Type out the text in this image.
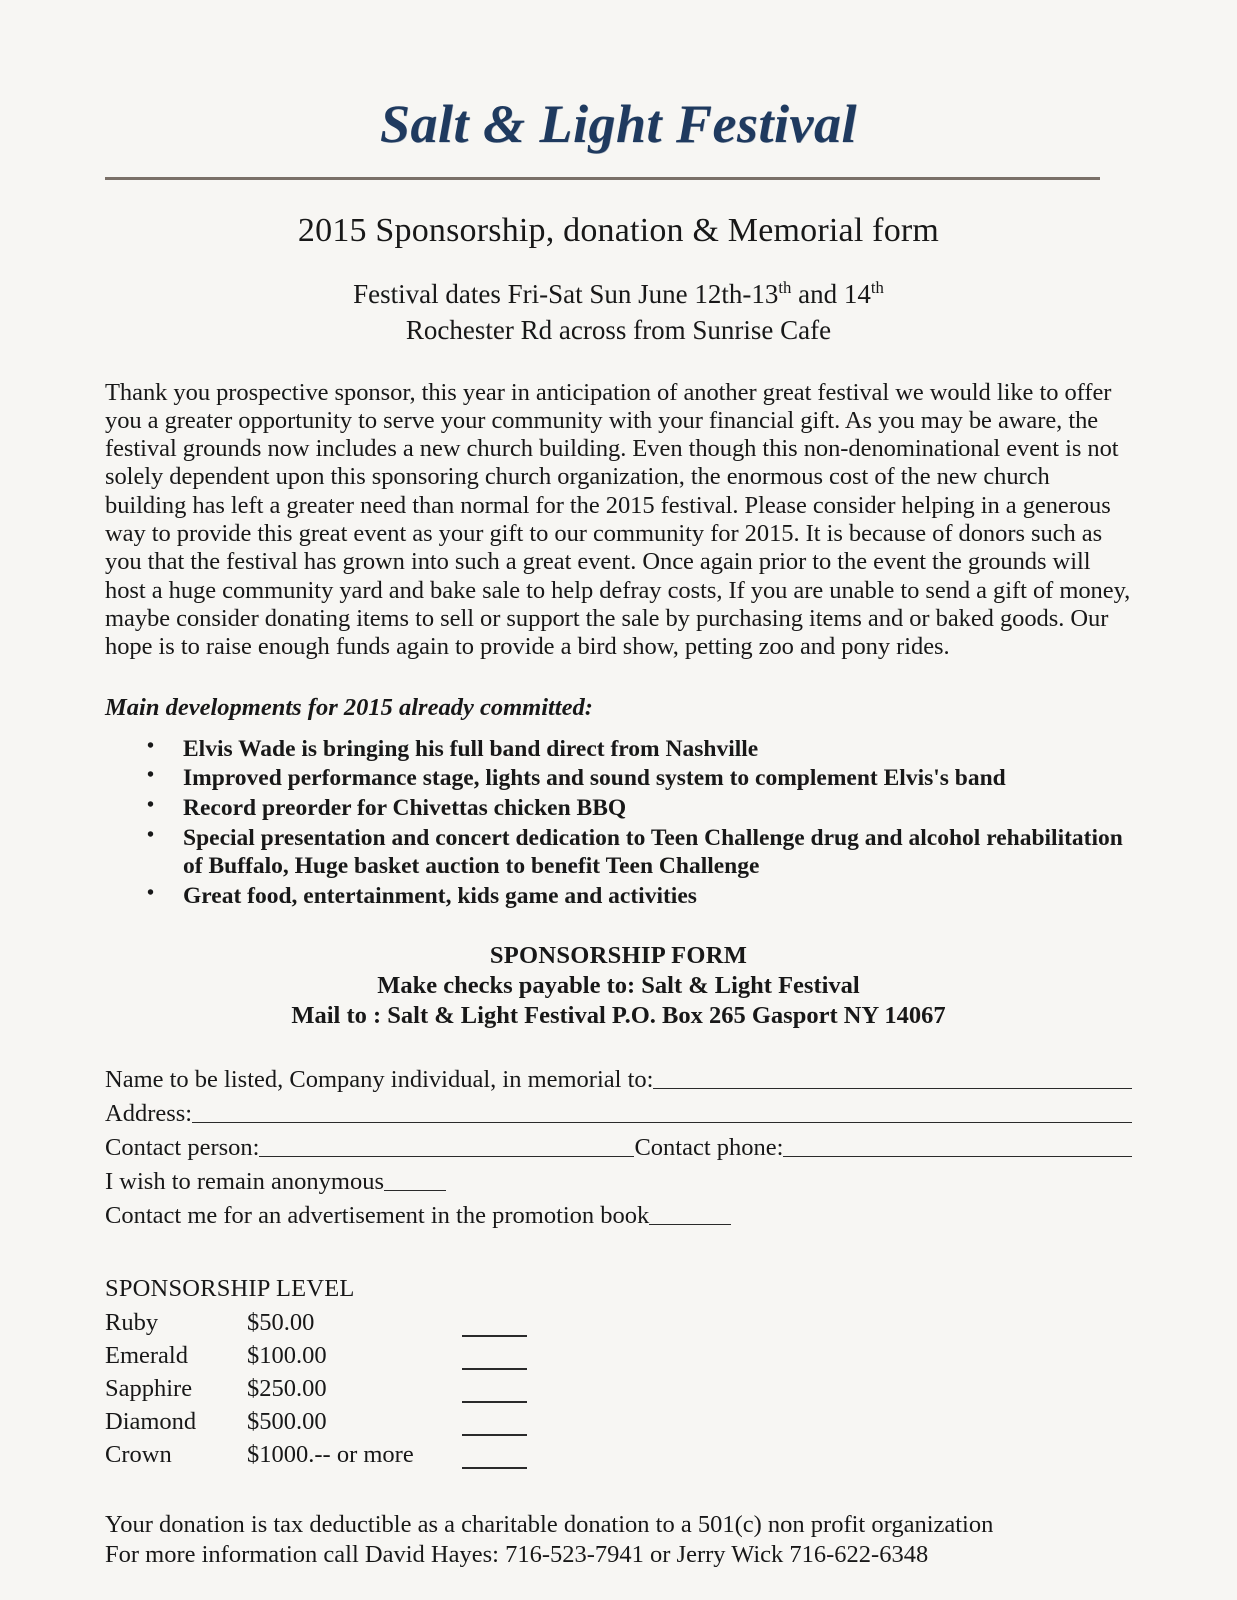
Salt & Light Festival
2015 Sponsorship, donation & Memorial form
Festival dates Fri-Sat Sun June 12th-13th and 14th
Rochester Rd across from Sunrise Cafe

Thank you prospective sponsor, this year in anticipation of another great festival we would like to offer you a greater opportunity to serve your community with your financial gift. As you may be aware, the festival grounds now includes a new church building. Even though this non-denominational event is not solely dependent upon this sponsoring church organization, the enormous cost of the new church building has left a greater need than normal for the 2015 festival. Please consider helping in a generous way to provide this great event as your gift to our community for 2015. It is because of donors such as you that the festival has grown into such a great event. Once again prior to the event the grounds will host a huge community yard and bake sale to help defray costs, If you are unable to send a gift of money, maybe consider donating items to sell or support the sale by purchasing items and or baked goods. Our hope is to raise enough funds again to provide a bird show, petting zoo and pony rides.

Main developments for 2015 already committed:
• Elvis Wade is bringing his full band direct from Nashville
• Improved performance stage, lights and sound system to complement Elvis's band
• Record preorder for Chivettas chicken BBQ
• Special presentation and concert dedication to Teen Challenge drug and alcohol rehabilitation of Buffalo, Huge basket auction to benefit Teen Challenge
• Great food, entertainment, kids game and activities
SPONSORSHIP FORM
Make checks payable to: Salt & Light Festival
Mail to : Salt & Light Festival P.O. Box 265 Gasport NY 14067
Name to be listed, Company individual, in memorial to:
Address:
Contact person:	Contact phone:
I wish to remain anonymous
Contact me for an advertisement in the promotion book
SPONSORSHIP LEVEL
Ruby	$50.00
Emerald	$100.00
Sapphire	$250.00
Diamond	$500.00
Crown	$1000.-- or more
Your donation is tax deductible as a charitable donation to a 501(c) non profit organization
For more information call David Hayes: 716-523-7941 or Jerry Wick 716-622-6348
